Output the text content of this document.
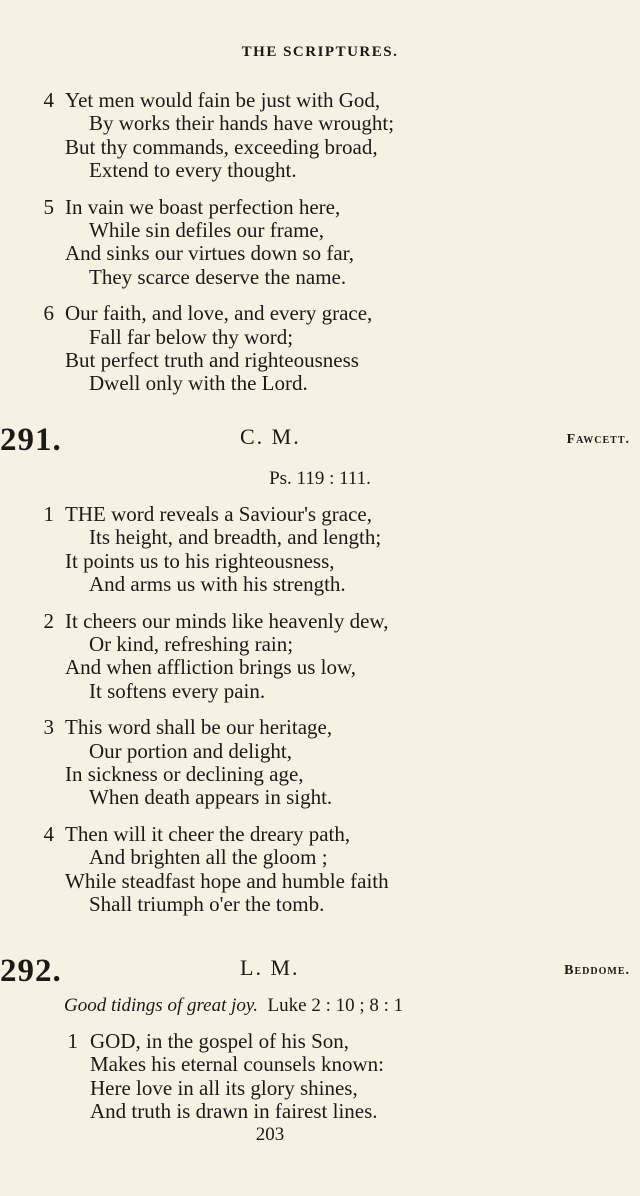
THE SCRIPTURES.
4 Yet men would fain be just with God,
By works their hands have wrought;
But thy commands, exceeding broad,
Extend to every thought.
5 In vain we boast perfection here,
While sin defiles our frame,
And sinks our virtues down so far,
They scarce deserve the name.
6 Our faith, and love, and every grace,
Fall far below thy word;
But perfect truth and righteousness
Dwell only with the Lord.
291.	C. M.	Fawcett.
Ps. 119 : 111.
1 THE word reveals a Saviour's grace,
Its height, and breadth, and length;
It points us to his righteousness,
And arms us with his strength.
2 It cheers our minds like heavenly dew,
Or kind, refreshing rain;
And when affliction brings us low,
It softens every pain.
3 This word shall be our heritage,
Our portion and delight,
In sickness or declining age,
When death appears in sight.
4 Then will it cheer the dreary path,
And brighten all the gloom ;
While steadfast hope and humble faith
Shall triumph o'er the tomb.
292.	L. M.	Beddome.
Good tidings of great joy. Luke 2 : 10 ; 8 : 1
1 GOD, in the gospel of his Son,
Makes his eternal counsels known:
Here love in all its glory shines,
And truth is drawn in fairest lines.
203
